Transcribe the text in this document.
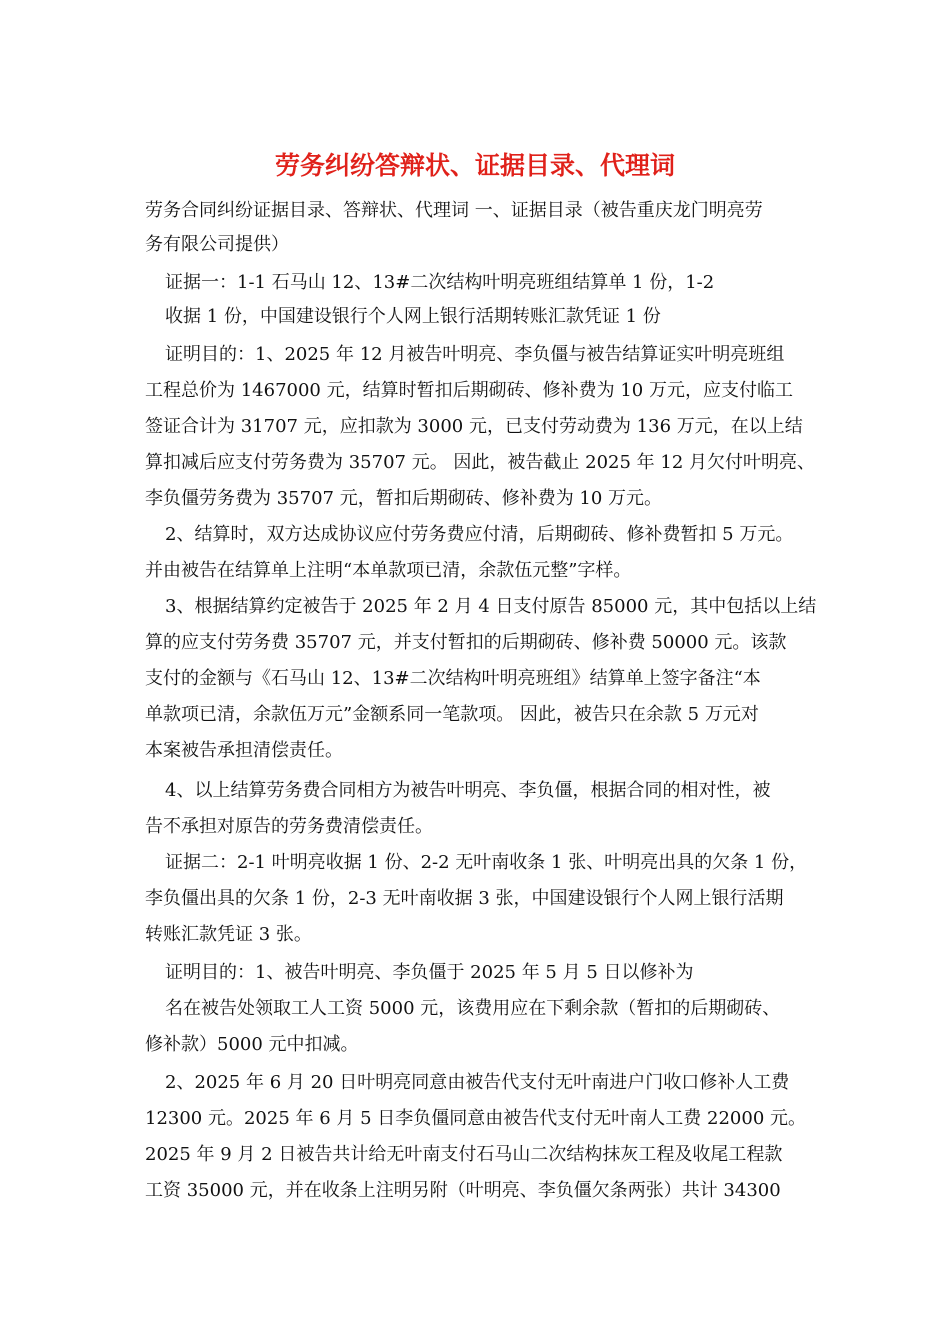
劳务纠纷答辩状、证据目录、代理词

劳务合同纠纷证据目录、答辩状、代理词 一、证据目录（被告重庆龙门明亮劳

务有限公司提供）

证据一：1-1 石马山 12、13#二次结构叶明亮班组结算单 1 份，1-2

收据 1 份，中国建设银行个人网上银行活期转账汇款凭证 1 份

证明目的：1、2025 年 12 月被告叶明亮、李负僵与被告结算证实叶明亮班组

工程总价为 1467000 元，结算时暂扣后期砌砖、修补费为 10 万元，应支付临工

签证合计为 31707 元，应扣款为 3000 元，已支付劳动费为 136 万元，在以上结

算扣减后应支付劳务费为 35707 元。 因此，被告截止 2025 年 12 月欠付叶明亮、

李负僵劳务费为 35707 元，暂扣后期砌砖、修补费为 10 万元。

2、结算时，双方达成协议应付劳务费应付清，后期砌砖、修补费暂扣 5 万元。

并由被告在结算单上注明“本单款项已清，余款伍元整”字样。

3、根据结算约定被告于 2025 年 2 月 4 日支付原告 85000 元，其中包括以上结

算的应支付劳务费 35707 元，并支付暂扣的后期砌砖、修补费 50000 元。该款

支付的金额与《石马山 12、13#二次结构叶明亮班组》结算单上签字备注“本

单款项已清，余款伍万元”金额系同一笔款项。 因此，被告只在余款 5 万元对

本案被告承担清偿责任。

4、以上结算劳务费合同相方为被告叶明亮、李负僵，根据合同的相对性，被

告不承担对原告的劳务费清偿责任。

证据二：2-1 叶明亮收据 1 份、2-2 无叶南收条 1 张、叶明亮出具的欠条 1 份，

李负僵出具的欠条 1 份，2-3 无叶南收据 3 张，中国建设银行个人网上银行活期

转账汇款凭证 3 张。

证明目的：1、被告叶明亮、李负僵于 2025 年 5 月 5 日以修补为

名在被告处领取工人工资 5000 元，该费用应在下剩余款（暂扣的后期砌砖、

修补款）5000 元中扣减。

2、2025 年 6 月 20 日叶明亮同意由被告代支付无叶南进户门收口修补人工费

12300 元。2025 年 6 月 5 日李负僵同意由被告代支付无叶南人工费 22000 元。

2025 年 9 月 2 日被告共计给无叶南支付石马山二次结构抹灰工程及收尾工程款

工资 35000 元，并在收条上注明另附（叶明亮、李负僵欠条两张）共计 34300
